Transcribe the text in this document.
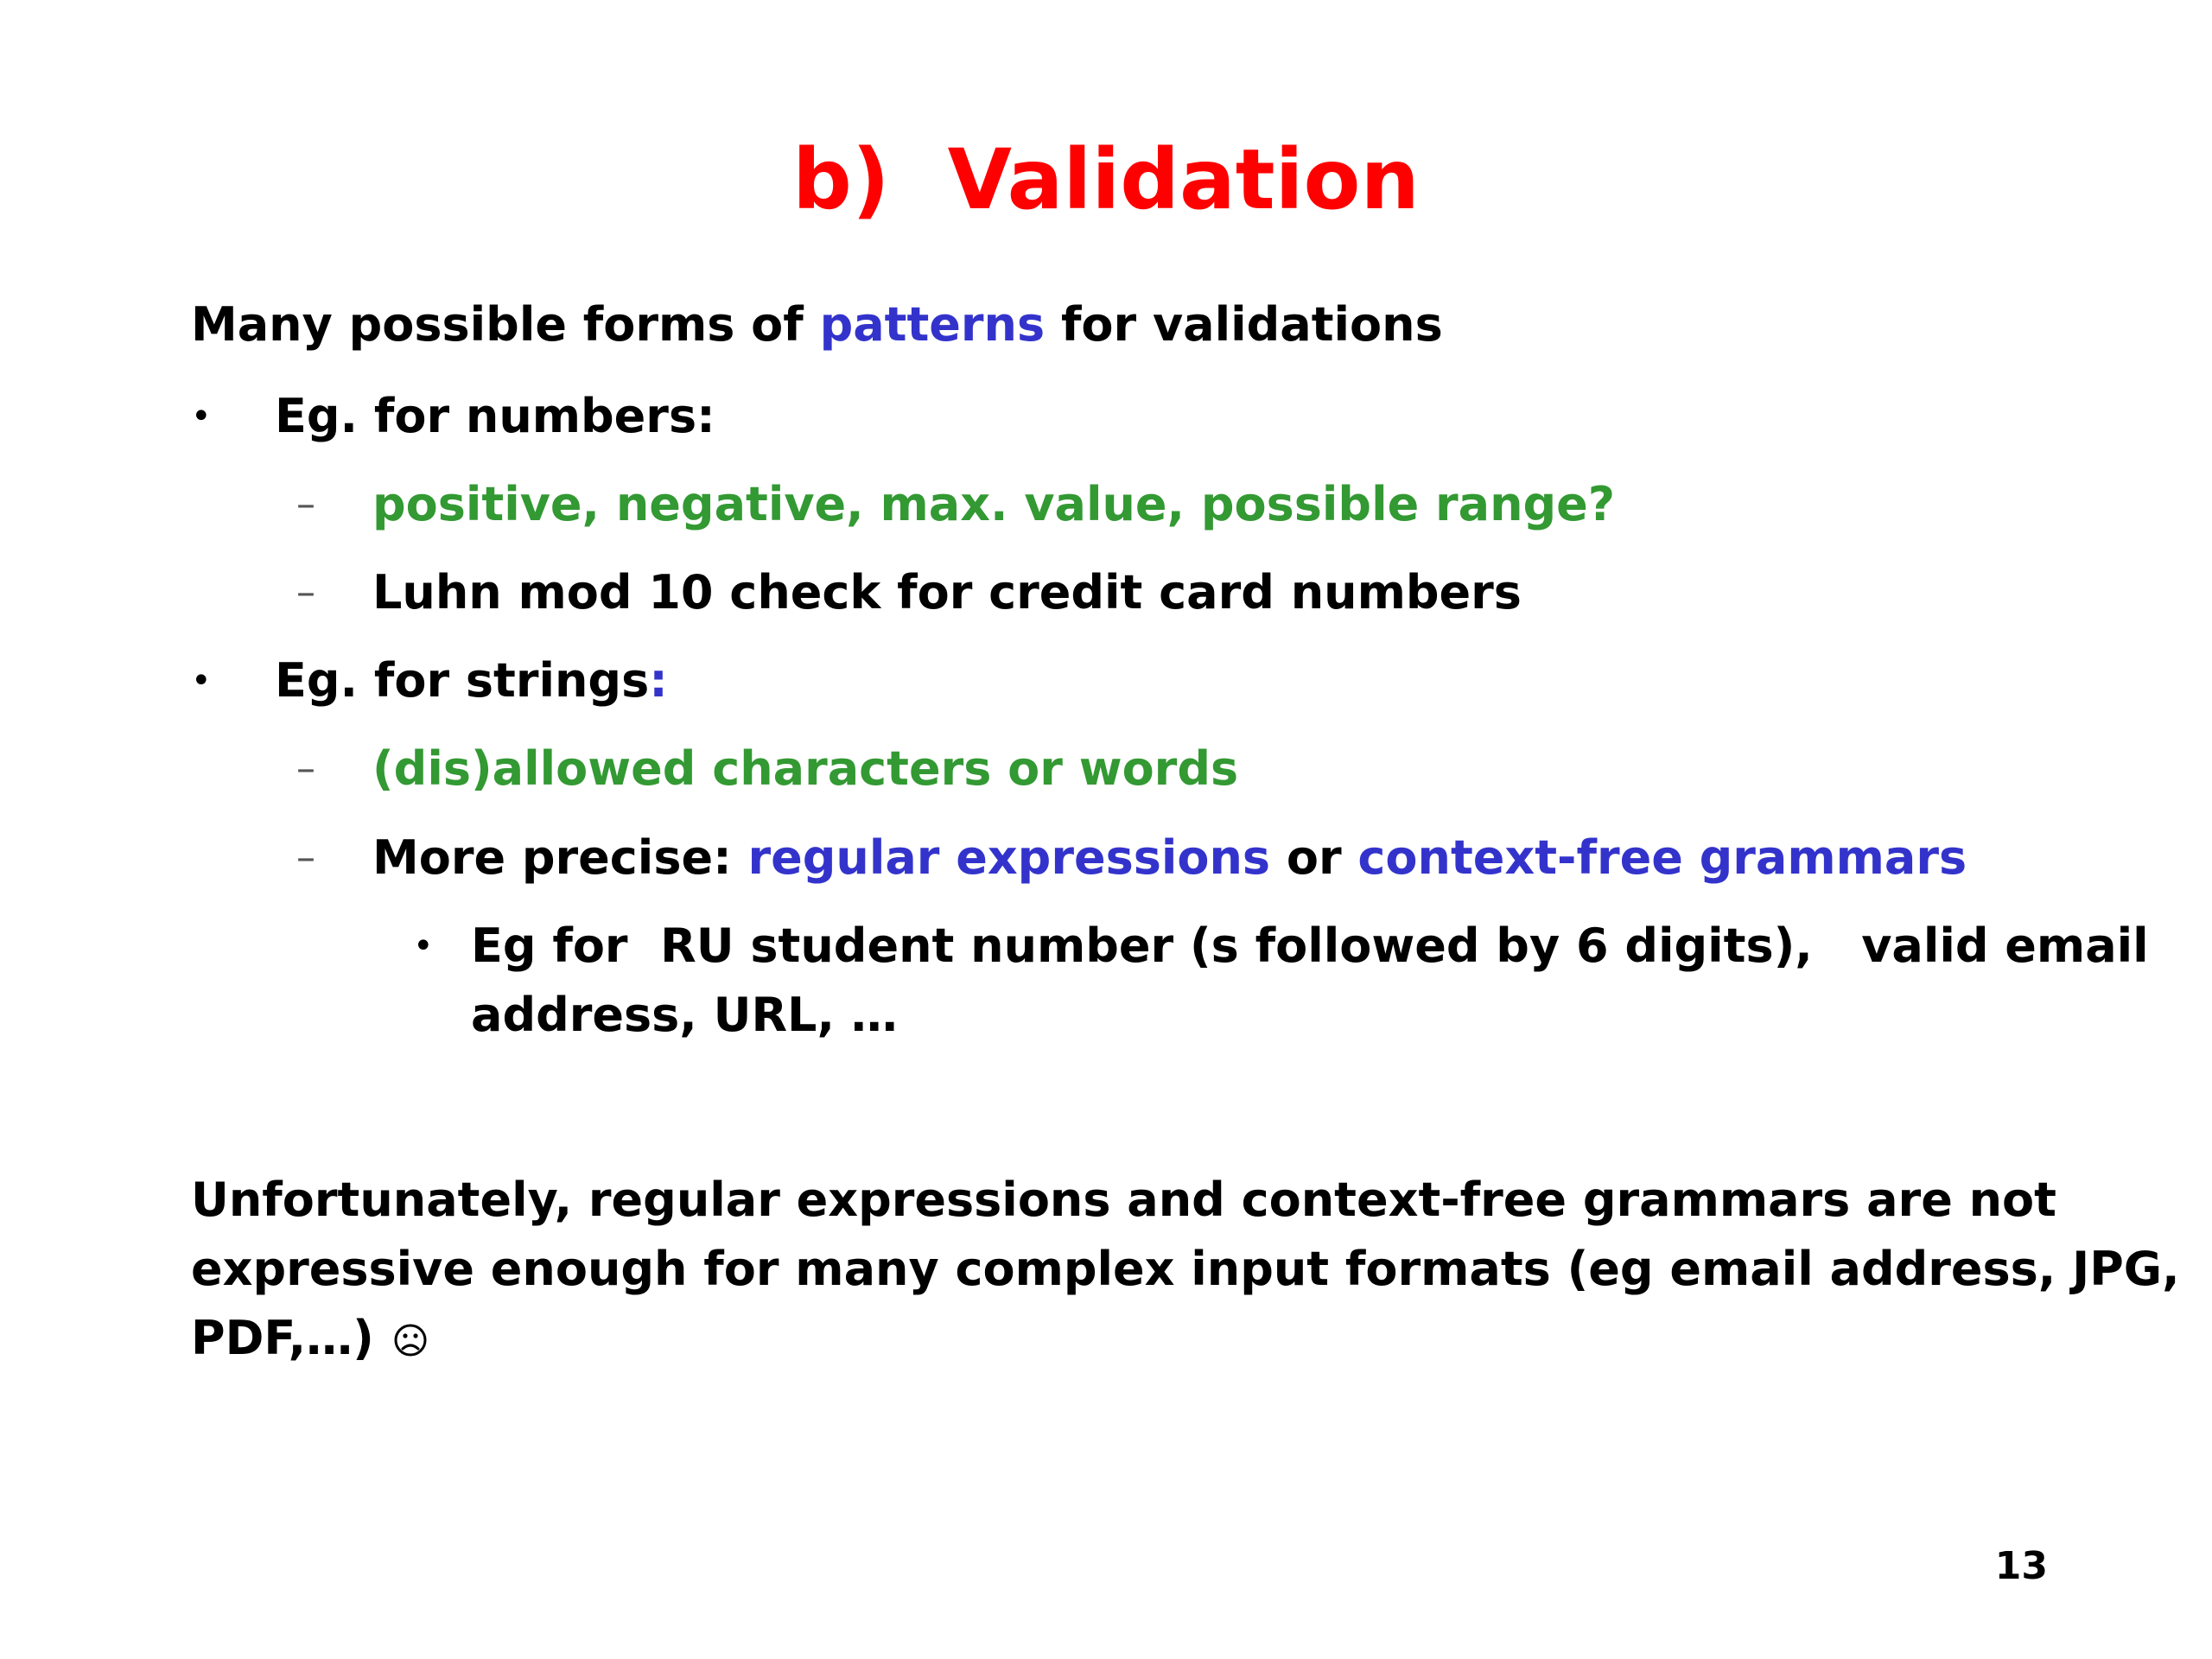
b)  Validation
Many possible forms of patterns for validations
• Eg. for numbers:
– positive, negative, max. value, possible range?
– Luhn mod 10 check for credit card numbers
• Eg. for strings:
– (dis)allowed characters or words
– More precise: regular expressions or context-free grammars
• Eg for  RU student number (s followed by 6 digits),   valid email
address, URL, …
Unfortunately, regular expressions and context-free grammars are not
expressive enough for many complex input formats (eg email address, JPG,
PDF,…)
13
